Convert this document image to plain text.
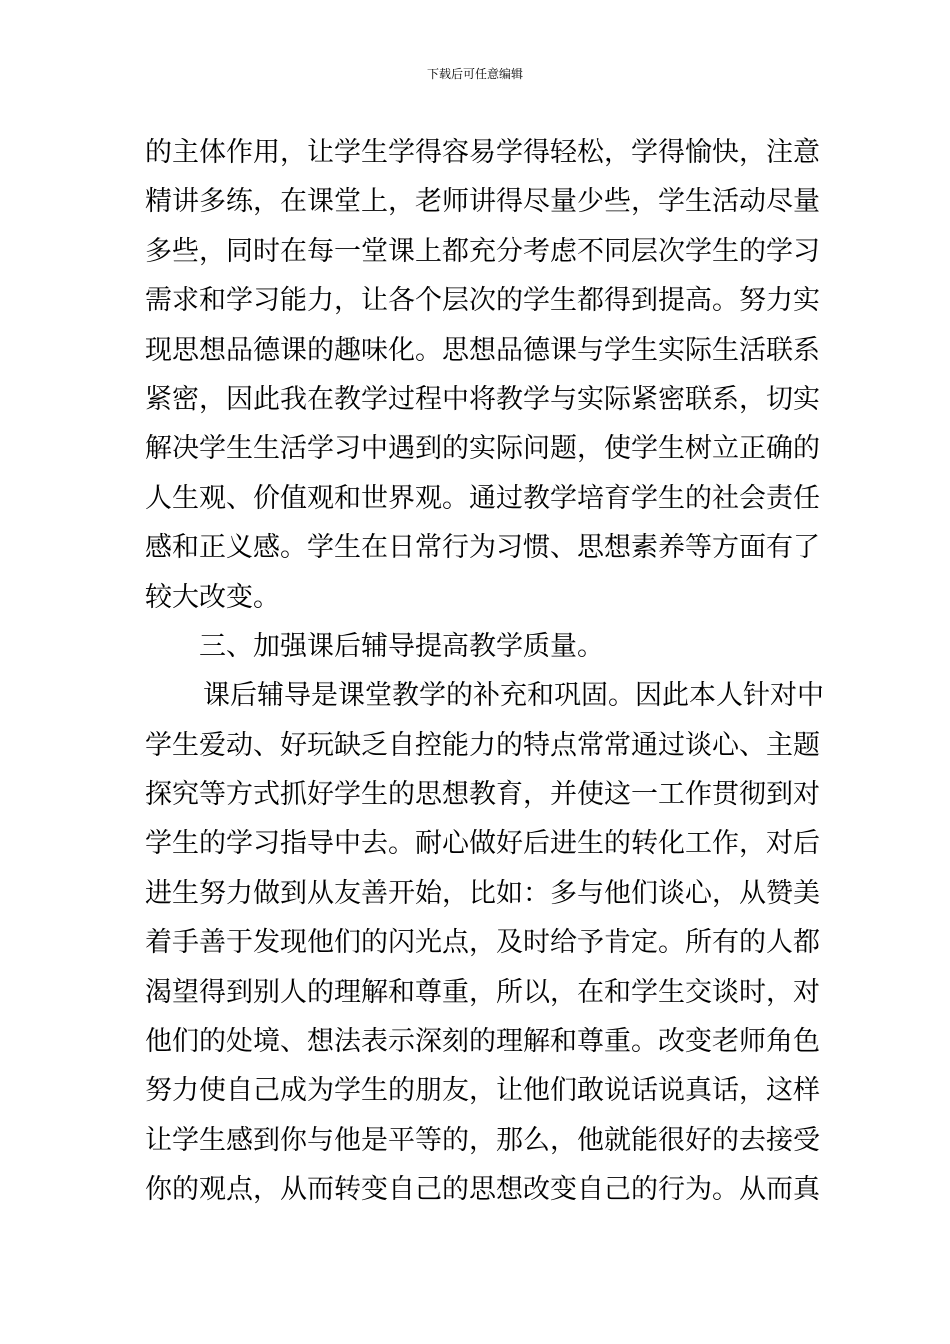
下载后可任意编辑
的主体作用，让学生学得容易学得轻松，学得愉快，注意
精讲多练，在课堂上，老师讲得尽量少些，学生活动尽量
多些，同时在每一堂课上都充分考虑不同层次学生的学习
需求和学习能力，让各个层次的学生都得到提高。努力实
现思想品德课的趣味化。思想品德课与学生实际生活联系
紧密，因此我在教学过程中将教学与实际紧密联系，切实
解决学生生活学习中遇到的实际问题，使学生树立正确的
人生观、价值观和世界观。通过教学培育学生的社会责任
感和正义感。学生在日常行为习惯、思想素养等方面有了
较大改变。
三、加强课后辅导提高教学质量。
课后辅导是课堂教学的补充和巩固。因此本人针对中
学生爱动、好玩缺乏自控能力的特点常常通过谈心、主题
探究等方式抓好学生的思想教育，并使这一工作贯彻到对
学生的学习指导中去。耐心做好后进生的转化工作，对后
进生努力做到从友善开始，比如：多与他们谈心，从赞美
着手善于发现他们的闪光点，及时给予肯定。所有的人都
渴望得到别人的理解和尊重，所以，在和学生交谈时，对
他们的处境、想法表示深刻的理解和尊重。改变老师角色
努力使自己成为学生的朋友，让他们敢说话说真话，这样
让学生感到你与他是平等的，那么，他就能很好的去接受
你的观点，从而转变自己的思想改变自己的行为。从而真
